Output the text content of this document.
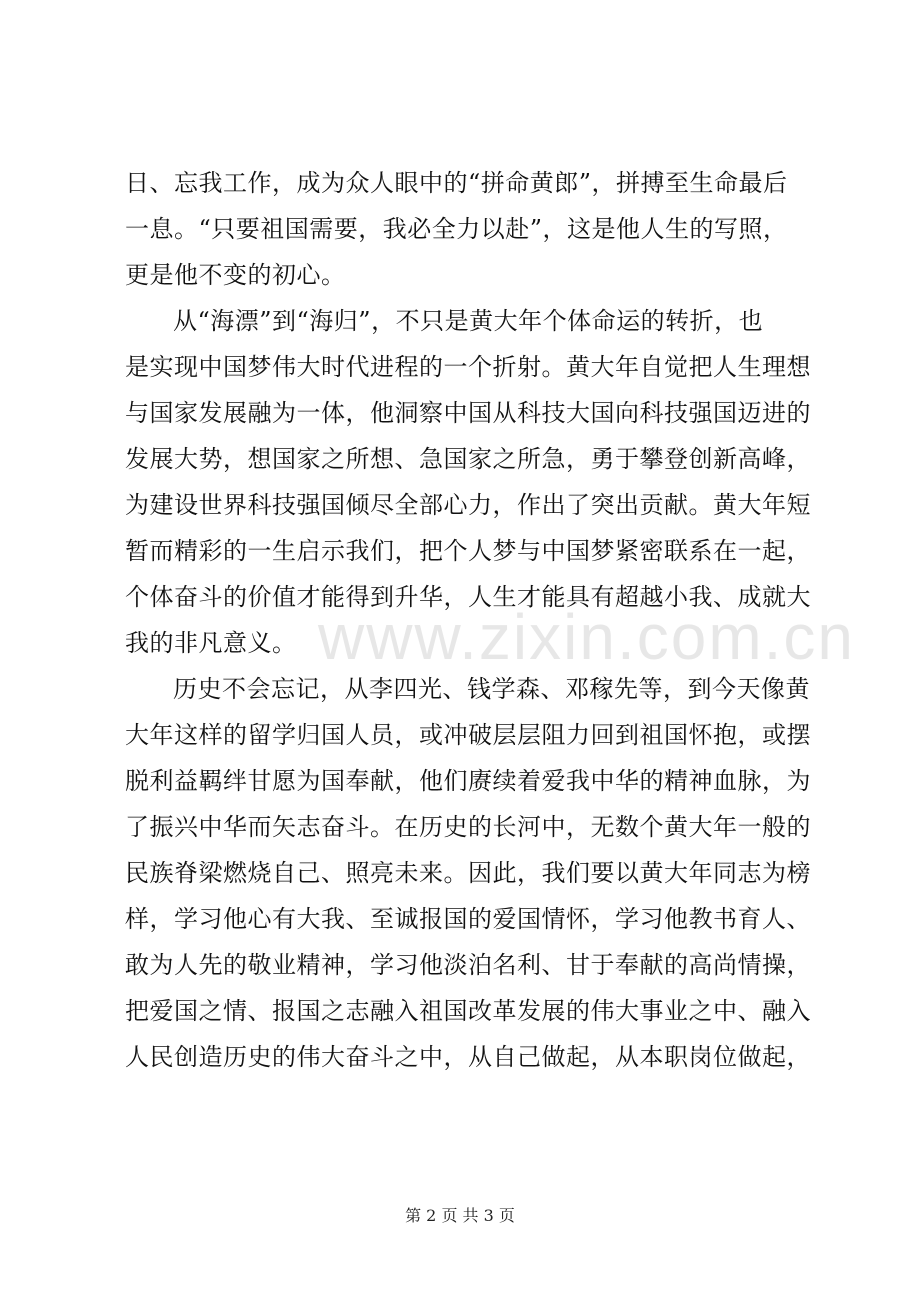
日、忘我工作，成为众人眼中的“拼命黄郎”，拼搏至生命最后
一息。“只要祖国需要，我必全力以赴”，这是他人生的写照，
更是他不变的初心。
从“海漂”到“海归”，不只是黄大年个体命运的转折，也
是实现中国梦伟大时代进程的一个折射。黄大年自觉把人生理想
与国家发展融为一体，他洞察中国从科技大国向科技强国迈进的
发展大势，想国家之所想、急国家之所急，勇于攀登创新高峰，
为建设世界科技强国倾尽全部心力，作出了突出贡献。黄大年短
暂而精彩的一生启示我们，把个人梦与中国梦紧密联系在一起，
个体奋斗的价值才能得到升华，人生才能具有超越小我、成就大
我的非凡意义。
历史不会忘记，从李四光、钱学森、邓稼先等，到今天像黄
大年这样的留学归国人员，或冲破层层阻力回到祖国怀抱，或摆
脱利益羁绊甘愿为国奉献，他们赓续着爱我中华的精神血脉，为
了振兴中华而矢志奋斗。在历史的长河中，无数个黄大年一般的
民族脊梁燃烧自己、照亮未来。因此，我们要以黄大年同志为榜
样，学习他心有大我、至诚报国的爱国情怀，学习他教书育人、
敢为人先的敬业精神，学习他淡泊名利、甘于奉献的高尚情操，
把爱国之情、报国之志融入祖国改革发展的伟大事业之中、融入
人民创造历史的伟大奋斗之中，从自己做起，从本职岗位做起，
www.zixin.com.cn
第 2 页 共 3 页
